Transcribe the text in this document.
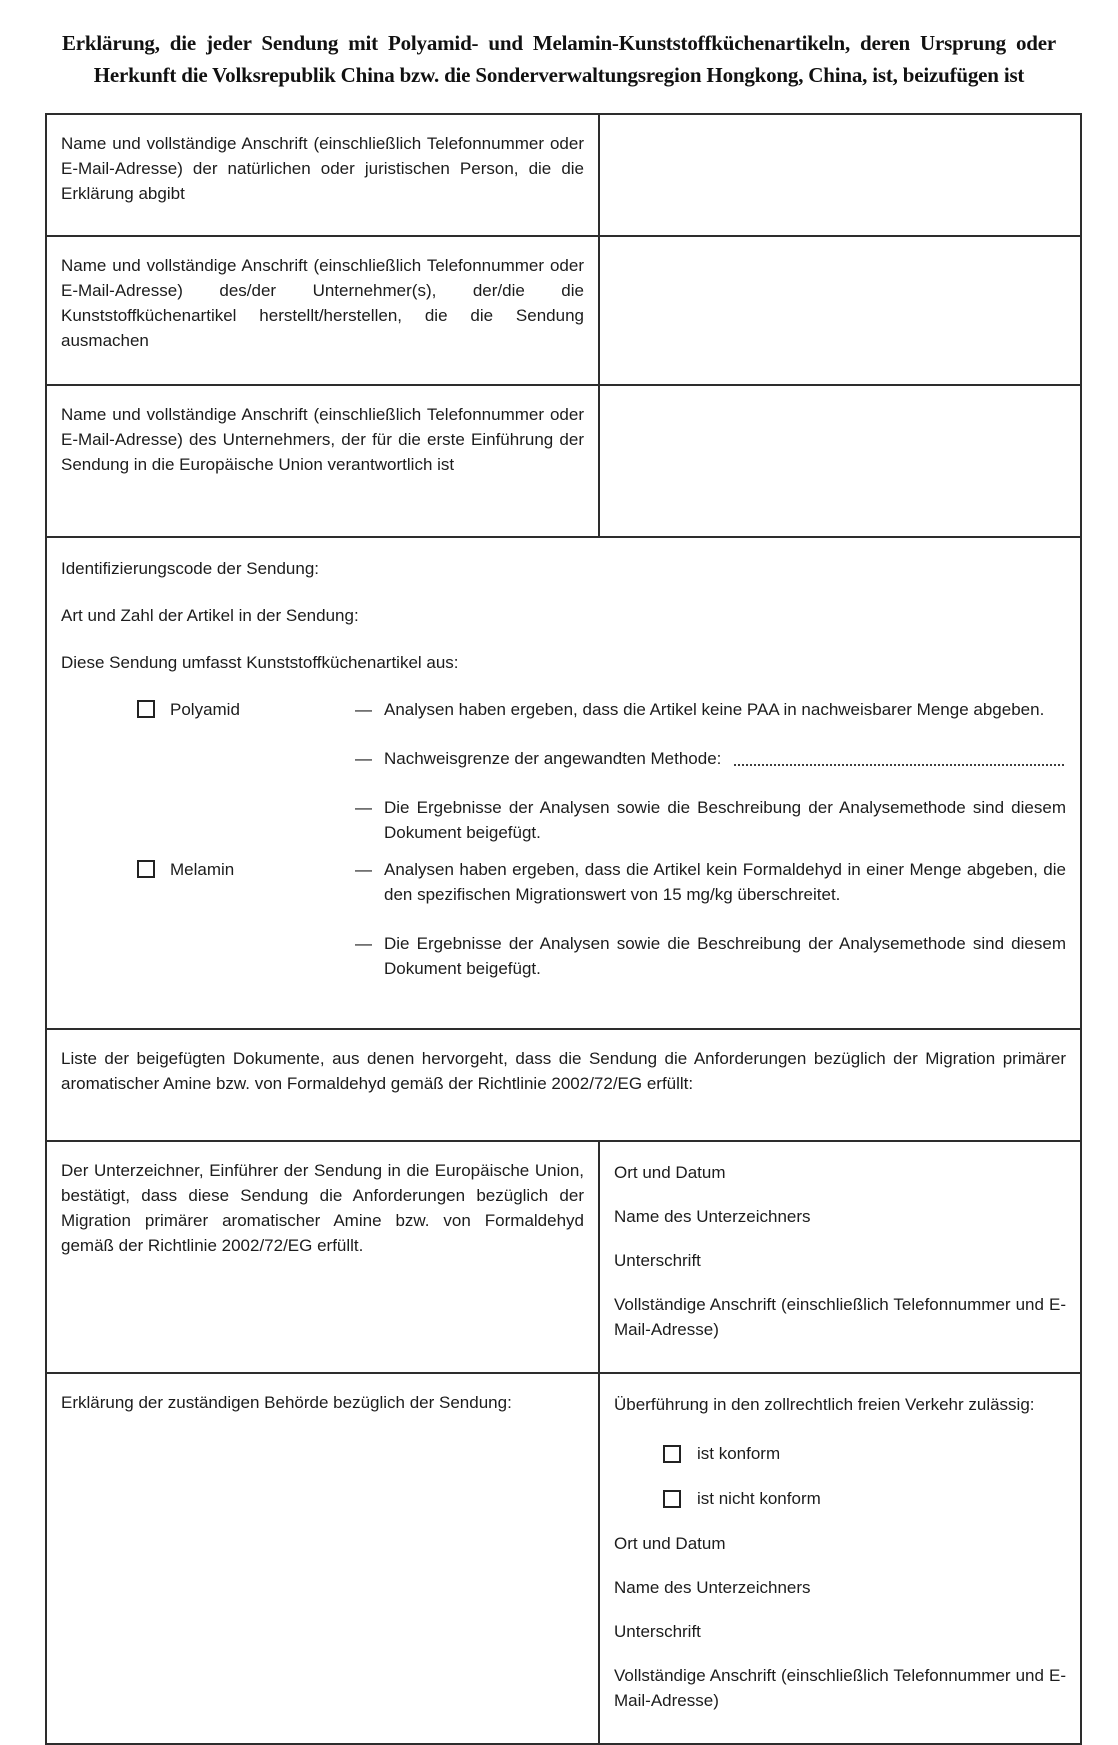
Erklärung, die jeder Sendung mit Polyamid- und Melamin-Kunststoffküchenartikeln, deren Ursprung oder Herkunft die Volksrepublik China bzw. die Sonderverwaltungsregion Hongkong, China, ist, beizufügen ist

Name und vollständige Anschrift (einschließlich Telefonnummer oder E-Mail-Adresse) der natürlichen oder juristischen Person, die die Erklärung abgibt	

Name und vollständige Anschrift (einschließlich Telefonnummer oder E-Mail-Adresse) des/der Unternehmer(s), der/die die Kunststoffküchenartikel herstellt/herstellen, die die Sendung ausmachen	

Name und vollständige Anschrift (einschließlich Telefonnummer oder E-Mail-Adresse) des Unternehmers, der für die erste Einführung der Sendung in die Europäische Union verantwortlich ist	

Identifizierungscode der Sendung:

Art und Zahl der Artikel in der Sendung:

Diese Sendung umfasst Kunststoffküchenartikel aus:

Polyamid	— Analysen haben ergeben, dass die Artikel keine PAA in nachweisbarer Menge abgeben.
— Nachweisgrenze der angewandten Methode:
— Die Ergebnisse der Analysen sowie die Beschreibung der Analysemethode sind diesem Dokument beigefügt.
Melamin	— Analysen haben ergeben, dass die Artikel kein Formaldehyd in einer Menge abgeben, die den spezifischen Migrationswert von 15 mg/kg überschreitet.
— Die Ergebnisse der Analysen sowie die Beschreibung der Analysemethode sind diesem Dokument beigefügt.

Liste der beigefügten Dokumente, aus denen hervorgeht, dass die Sendung die Anforderungen bezüglich der Migration primärer aromatischer Amine bzw. von Formaldehyd gemäß der Richtlinie 2002/72/EG erfüllt:	

Der Unterzeichner, Einführer der Sendung in die Europäische Union, bestätigt, dass diese Sendung die Anforderungen bezüglich der Migration primärer aromatischer Amine bzw. von Formaldehyd gemäß der Richtlinie 2002/72/EG erfüllt.

Ort und Datum

Name des Unterzeichners

Unterschrift

Vollständige Anschrift (einschließlich Telefonnummer und E-Mail-Adresse)

Erklärung der zuständigen Behörde bezüglich der Sendung:	Überführung in den zollrechtlich freien Verkehr zulässig:

ist konform
ist nicht konform

Ort und Datum

Name des Unterzeichners

Unterschrift

Vollständige Anschrift (einschließlich Telefonnummer und E-Mail-Adresse)
